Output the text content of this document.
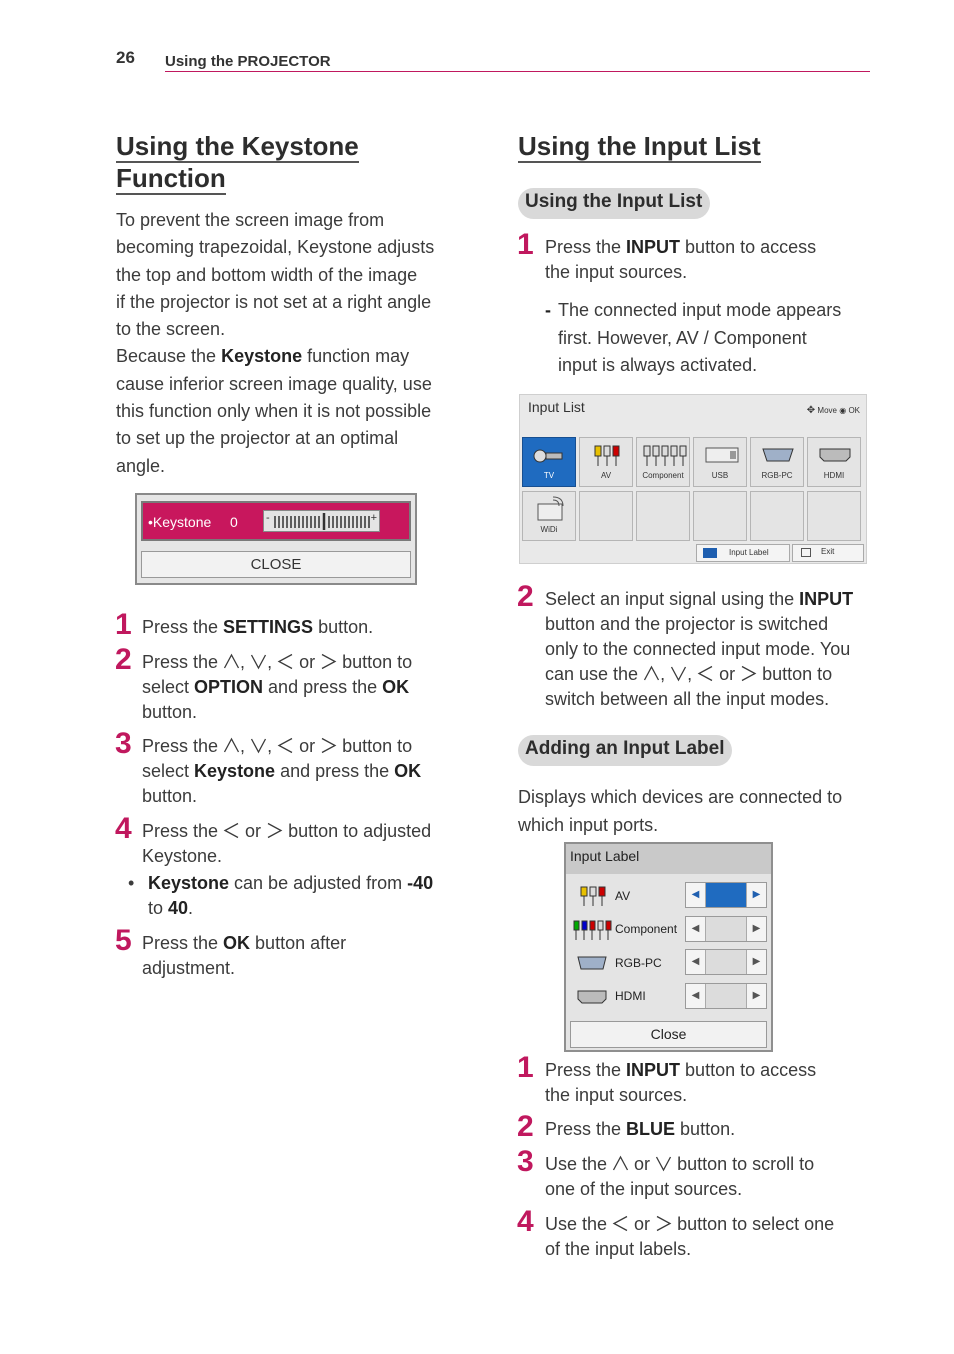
26 Using the PROJECTOR
Using the Keystone
Function
To prevent the screen image from
becoming trapezoidal, Keystone adjusts
the top and bottom width of the image
if the projector is not set at a right angle
to the screen.
Because the Keystone function may
cause inferior screen image quality, use
this function only when it is not possible
to set up the projector at an optimal
angle.
•Keystone 0	-	+
CLOSE
1 Press the SETTINGS button.
2 Press the , ,  or  button to
select OPTION and press the OK
button.
3 Press the , ,  or  button to
select Keystone and press the OK
button.
4 Press the  or  button to adjusted
Keystone.
• Keystone can be adjusted from -40
to 40.
5 Press the OK button after
adjustment.
Using the Input List
Using the Input List
1 Press the INPUT button to access
the input sources.
- The connected input mode appears
first. However, AV / Component
input is always activated.
Input List	✥ Move ◉ OK
TV	AV	Component	USB	RGB-PC	HDMI
WiDi
Input Label	Exit
2 Select an input signal using the INPUT
button and the projector is switched
only to the connected input mode. You
can use the , ,  or  button to
switch between all the input modes.
Adding an Input Label
Displays which devices are connected to
which input ports.
Input Label
AV	◀	▶
Component	◀	▶
RGB-PC	◀	▶
HDMI	◀	▶
Close
1 Press the INPUT button to access
the input sources.
2 Press the BLUE button.
3 Use the  or  button to scroll to
one of the input sources.
4 Use the  or  button to select one
of the input labels.
